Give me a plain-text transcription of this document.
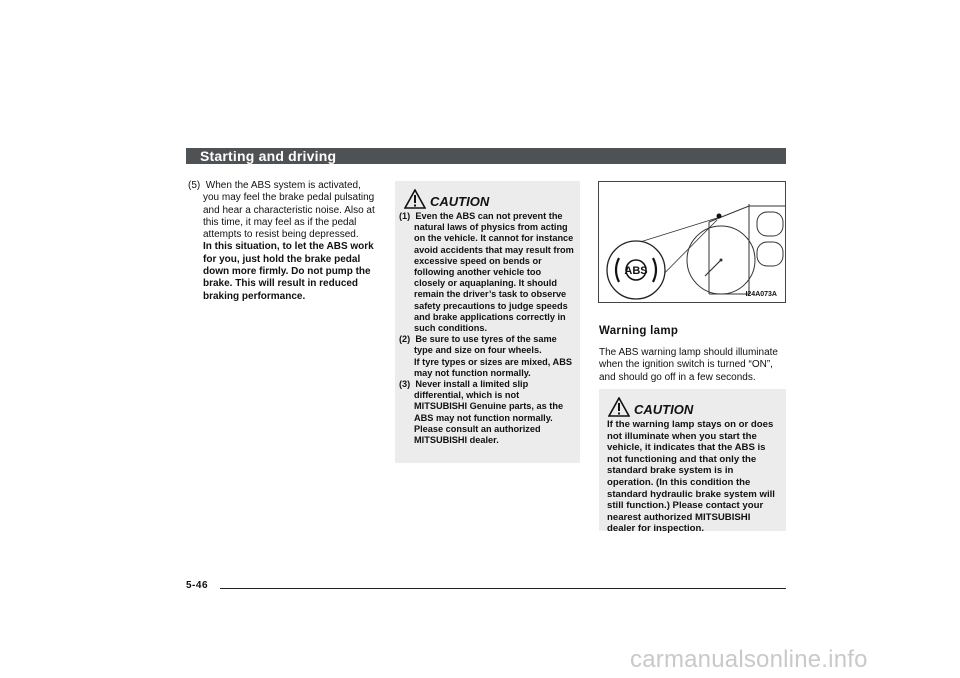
Starting and driving
(5) When the ABS system is activated, you may feel the brake pedal pulsating and hear a characteristic noise. Also at this time, it may feel as if the pedal attempts to resist being depressed.
In this situation, to let the ABS work for you, just hold the brake pedal down more firmly. Do not pump the brake. This will result in reduced braking performance.
CAUTION
(1) Even the ABS can not prevent the natural laws of physics from acting on the vehicle. It cannot for instance avoid accidents that may result from excessive speed on bends or following another vehicle too closely or aquaplaning. It should remain the driver’s task to observe safety precautions to judge speeds and brake applications correctly in such conditions.
(2) Be sure to use tyres of the same type and size on four wheels.
If tyre types or sizes are mixed, ABS may not function normally.
(3) Never install a limited slip differential, which is not MITSUBISHI Genuine parts, as the ABS may not function normally.
Please consult an authorized MITSUBISHI dealer.
ABS
I24A073A
Warning lamp
The ABS warning lamp should illuminate when the ignition switch is turned “ON”, and should go off in a few seconds.
CAUTION

If the warning lamp stays on or does not illuminate when you start the vehicle, it indicates that the ABS is not functioning and that only the standard brake system is in operation. (In this condition the standard hydraulic brake system will still function.) Please contact your nearest authorized MITSUBISHI dealer for inspection.

5-46
carmanualsonline.info
